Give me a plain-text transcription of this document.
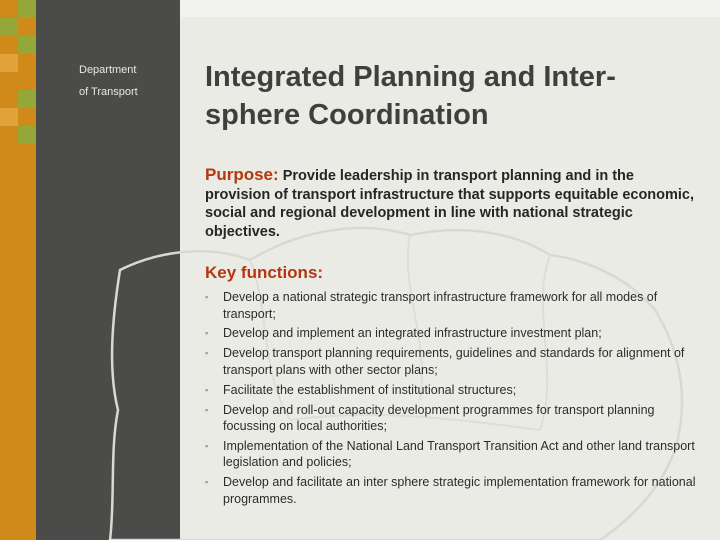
Department
of Transport Integrated Planning and Inter-sphere Coordination

Purpose: Provide leadership in transport planning and in the provision of transport infrastructure that supports equitable economic, social and regional development in line with national strategic objectives.

Key functions:
▪ Develop a national strategic transport infrastructure framework for all modes of transport;
▪ Develop and implement an integrated infrastructure investment plan;
▪ Develop transport planning requirements, guidelines and standards for alignment of transport plans with other sector plans;
▪ Facilitate the establishment of institutional structures;
▪ Develop and roll-out capacity development programmes for transport planning focussing on local authorities;
▪ Implementation of the National Land Transport Transition Act and other land transport legislation and policies;
▪ Develop and facilitate an inter sphere strategic implementation framework for national programmes.
